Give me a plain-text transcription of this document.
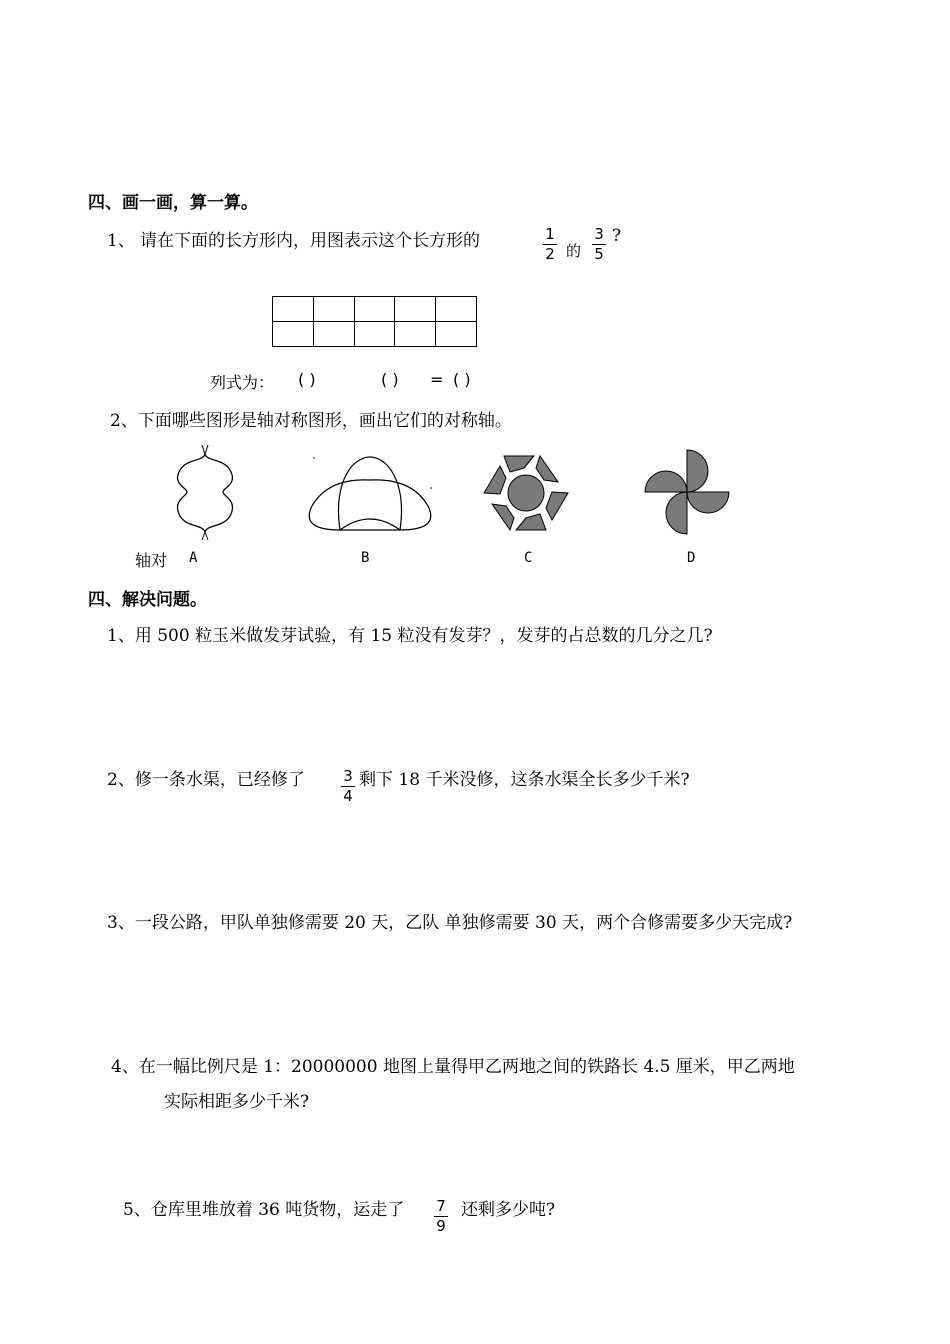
四、画一画，算一算。
1、 请在下面的长方形内，用图表示这个长方形的	1
2 的
3
5
?

列式为： ( )	( ) = ( )
2、下面哪些图形是轴对称图形，画出它们的对称轴。
轴对 A	B	C	D
四、解决问题。
1、用 500 粒玉米做发芽试验，有 15 粒没有发芽？，发芽的占总数的几分之几?
2、修一条水渠，已经修了	3
4
剩下 18 千米没修，这条水渠全长多少千米?
3、一段公路，甲队单独修需要 20 天，乙队 单独修需要 30 天，两个合修需要多少天完成?
4、在一幅比例尺是 1：20000000 地图上量得甲乙两地之间的铁路长 4.5 厘米，甲乙两地
实际相距多少千米?
5、仓库里堆放着 36 吨货物，运走了 7
9
还剩多少吨?
